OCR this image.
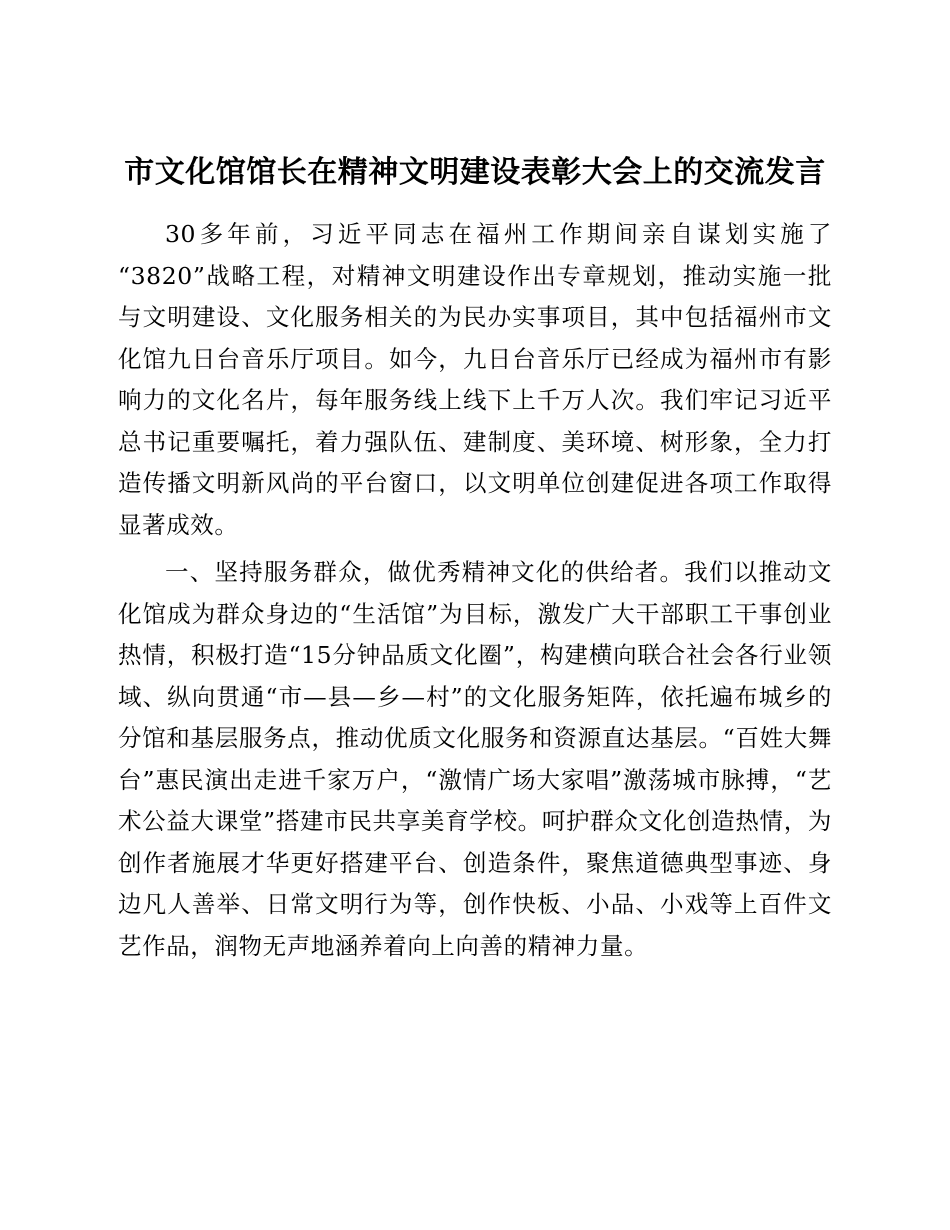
市文化馆馆长在精神文明建设表彰大会上的交流发言

30多年前，习近平同志在福州工作期间亲自谋划实施了“3820”战略工程，对精神文明建设作出专章规划，推动实施一批与文明建设、文化服务相关的为民办实事项目，其中包括福州市文化馆九日台音乐厅项目。如今，九日台音乐厅已经成为福州市有影响力的文化名片，每年服务线上线下上千万人次。我们牢记习近平总书记重要嘱托，着力强队伍、建制度、美环境、树形象，全力打造传播文明新风尚的平台窗口，以文明单位创建促进各项工作取得显著成效。

一、坚持服务群众，做优秀精神文化的供给者。我们以推动文化馆成为群众身边的“生活馆”为目标，激发广大干部职工干事创业热情，积极打造“15分钟品质文化圈”，构建横向联合社会各行业领域、纵向贯通“市—县—乡—村”的文化服务矩阵，依托遍布城乡的分馆和基层服务点，推动优质文化服务和资源直达基层。“百姓大舞台”惠民演出走进千家万户，“激情广场大家唱”激荡城市脉搏，“艺术公益大课堂”搭建市民共享美育学校。呵护群众文化创造热情，为创作者施展才华更好搭建平台、创造条件，聚焦道德典型事迹、身边凡人善举、日常文明行为等，创作快板、小品、小戏等上百件文艺作品，润物无声地涵养着向上向善的精神力量。
